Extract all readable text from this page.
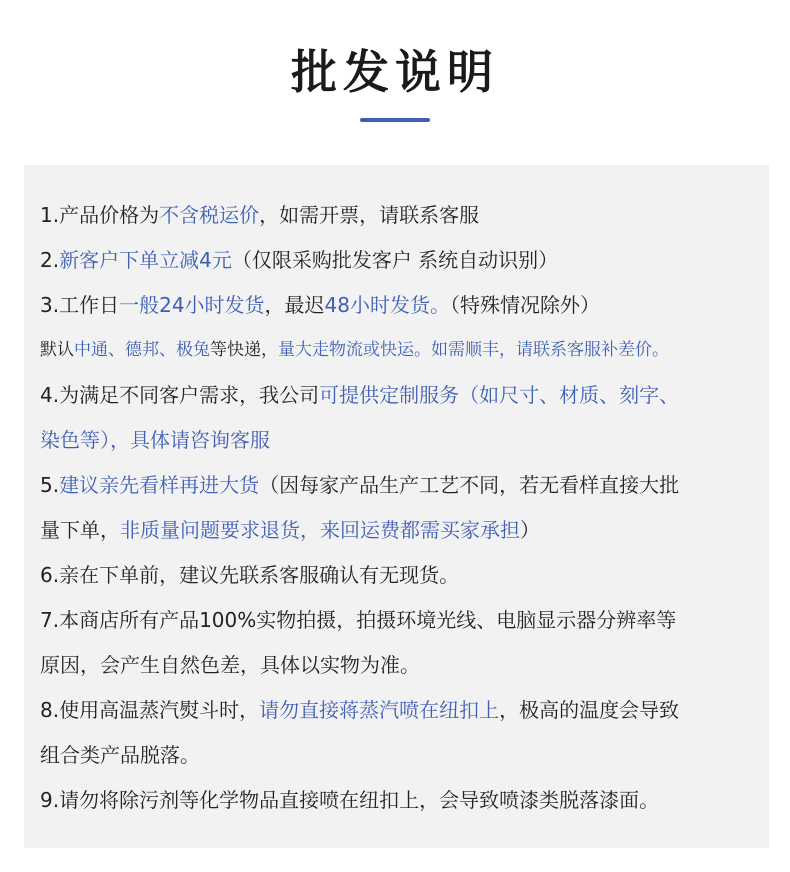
批发说明
1.产品价格为不含税运价，如需开票，请联系客服
2.新客户下单立减4元（仅限采购批发客户 系统自动识别）
3.工作日一般24小时发货，最迟48小时发货。（特殊情况除外）
默认中通、德邦、极兔等快递，量大走物流或快运。如需顺丰，请联系客服补差价。
4.为满足不同客户需求，我公司可提供定制服务（如尺寸、材质、刻字、
染色等），具体请咨询客服
5.建议亲先看样再进大货（因每家产品生产工艺不同，若无看样直接大批
量下单，非质量问题要求退货，来回运费都需买家承担）
6.亲在下单前，建议先联系客服确认有无现货。
7.本商店所有产品100%实物拍摄，拍摄环境光线、电脑显示器分辨率等
原因，会产生自然色差，具体以实物为准。
8.使用高温蒸汽熨斗时，请勿直接蒋蒸汽喷在纽扣上，极高的温度会导致
组合类产品脱落。
9.请勿将除污剂等化学物品直接喷在纽扣上，会导致喷漆类脱落漆面。
